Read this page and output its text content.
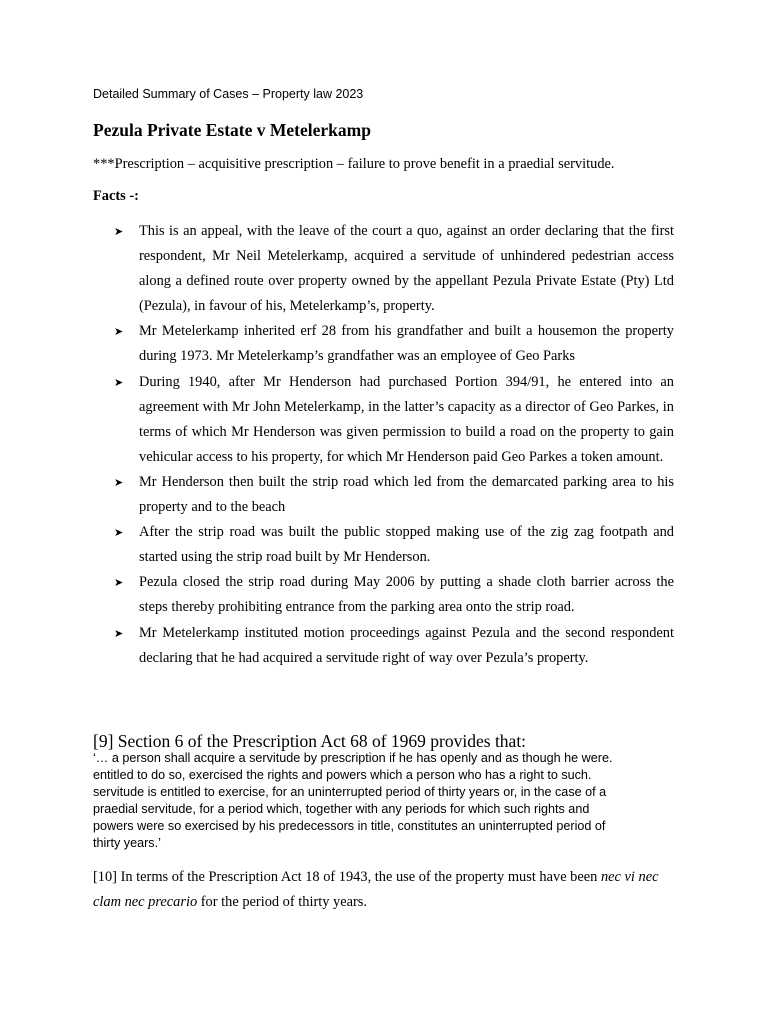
Detailed Summary of Cases – Property law 2023
Pezula Private Estate v Metelerkamp
***Prescription – acquisitive prescription – failure to prove benefit in a praedial servitude.
Facts -:
➤ This is an appeal, with the leave of the court a quo, against an order declaring that the first respondent, Mr Neil Metelerkamp, acquired a servitude of unhindered pedestrian access along a defined route over property owned by the appellant Pezula Private Estate (Pty) Ltd (Pezula), in favour of his, Metelerkamp’s, property.
➤ Mr Metelerkamp inherited erf 28 from his grandfather and built a housemon the property during 1973. Mr Metelerkamp’s grandfather was an employee of Geo Parks
➤ During 1940, after Mr Henderson had purchased Portion 394/91, he entered into an agreement with Mr John Metelerkamp, in the latter’s capacity as a director of Geo Parkes, in terms of which Mr Henderson was given permission to build a road on the property to gain vehicular access to his property, for which Mr Henderson paid Geo Parkes a token amount.
➤ Mr Henderson then built the strip road which led from the demarcated parking area to his property and to the beach
➤ After the strip road was built the public stopped making use of the zig zag footpath and started using the strip road built by Mr Henderson.
➤ Pezula closed the strip road during May 2006 by putting a shade cloth barrier across the steps thereby prohibiting entrance from the parking area onto the strip road.
➤ Mr Metelerkamp instituted motion proceedings against Pezula and the second respondent declaring that he had acquired a servitude right of way over Pezula’s property.
[9] Section 6 of the Prescription Act 68 of 1969 provides that:
‘… a person shall acquire a servitude by prescription if he has openly and as though he were.
entitled to do so, exercised the rights and powers which a person who has a right to such.
servitude is entitled to exercise, for an uninterrupted period of thirty years or, in the case of a
praedial servitude, for a period which, together with any periods for which such rights and
powers were so exercised by his predecessors in title, constitutes an uninterrupted period of
thirty years.’

[10] In terms of the Prescription Act 18 of 1943, the use of the property must have been nec vi nec clam nec precario for the period of thirty years.
